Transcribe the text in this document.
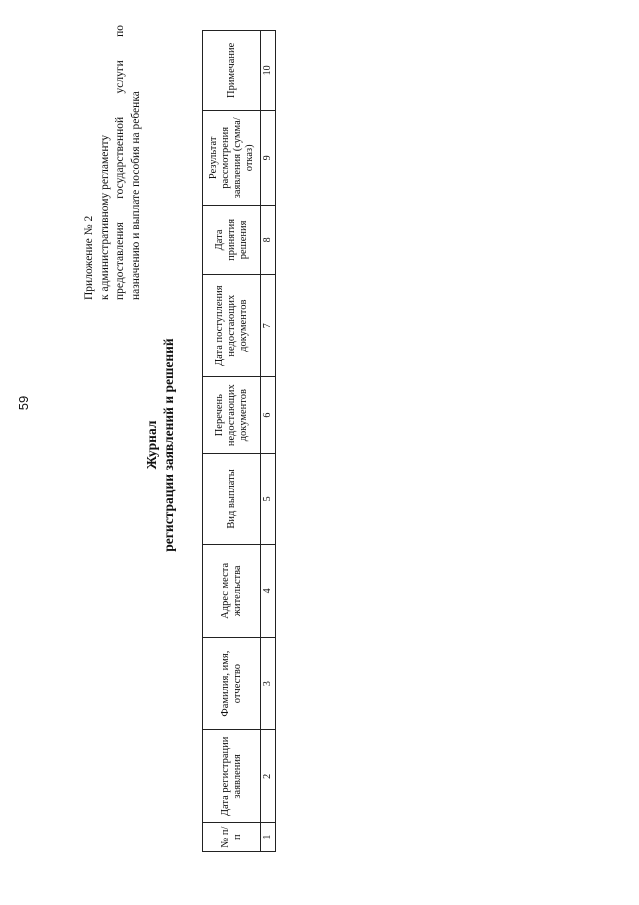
59

Приложение № 2 к административному регламенту предоставления государственной услуги по назначению и выплате пособия на ребенка
Журнал регистрации заявлений и решений
№ п/п	Дата регистрации заявления	Фамилия, имя, отчество	Адрес места жительства	Вид выплаты	Перечень недостающих документов	Дата поступления недостающих документов	Дата принятия решения	Результат рассмотрения заявления (сумма/отказ)	Примечание
1	2	3	4	5	6	7	8	9	10
